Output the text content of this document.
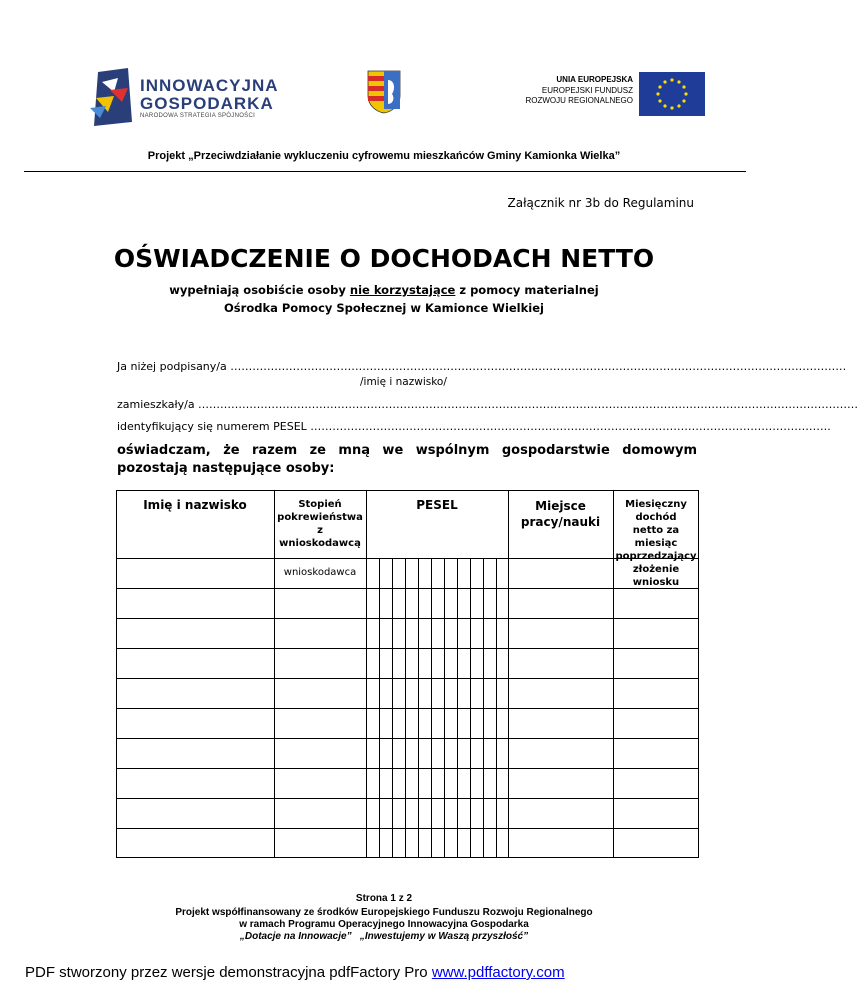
INNOWACYJNA
GOSPODARKA
NARODOWA STRATEGIA SPÓJNOŚCI
UNIA EUROPEJSKA
EUROPEJSKI FUNDUSZ
ROZWOJU REGIONALNEGO
Projekt „Przeciwdziałanie wykluczeniu cyfrowemu mieszkańców Gminy Kamionka Wielka”
Załącznik nr 3b do Regulaminu
OŚWIADCZENIE O DOCHODACH NETTO
wypełniają osobiście osoby nie korzystające z pomocy materialnej
Ośrodka Pomocy Społecznej w Kamionce Wielkiej
Ja niżej podpisany/a ……………………………………………………………………………………………………………………………………………………
/imię i nazwisko/
zamieszkały/a ………………………………………………………………………………………………………………………………………………………………
identyfikujący się numerem PESEL …………………………………………………………………………………………………………………………….
oświadczam, że razem ze mną we wspólnym gospodarstwie domowym pozostają następujące osoby:
Imię i nazwisko	Stopień
pokrewieństwa
z
wnioskodawcą
PESEL	Miejsce
pracy/nauki
Miesięczny dochód
netto za miesiąc
poprzedzający
złożenie wniosku
wnioskodawca
Strona 1 z 2
Projekt współfinansowany ze środków Europejskiego Funduszu Rozwoju Regionalnego
w ramach Programu Operacyjnego Innowacyjna Gospodarka
„Dotacje na Innowacje”   „Inwestujemy w Waszą przyszłość”
PDF stworzony przez wersje demonstracyjna pdfFactory Pro www.pdffactory.com
